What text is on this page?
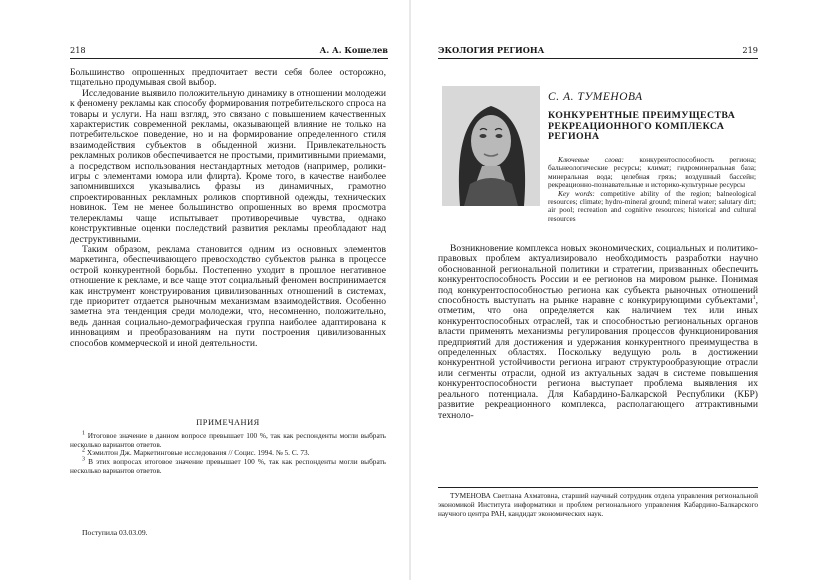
218	А. А. Кошелев

Большинство опрошенных предпочитает вести себя более осторожно, тщательно продумывая свой выбор.

Исследование выявило положительную динамику в отношении молодежи к феномену рекламы как способу формирования потребительского спроса на товары и услуги. На наш взгляд, это связано с повышением качественных характеристик современной рекламы, оказывающей влияние не только на потребительское поведение, но и на формирование определенного стиля взаимодействия субъектов в обыденной жизни. Привлекательность рекламных роликов обеспечивается не простыми, примитивными приемами, а посредством использования нестандартных методов (например, ролики-игры с элементами юмора или флирта). Кроме того, в качестве наиболее запомнившихся указывались фразы из динамичных, грамотно спроектированных рекламных роликов спортивной одежды, технических новинок. Тем не менее большинство опрошенных во время просмотра телерекламы чаще испытывает противоречивые чувства, однако конструктивные оценки последствий развития рекламы преобладают над деструктивными.

Таким образом, реклама становится одним из основных элементов маркетинга, обеспечивающего превосходство субъектов рынка в процессе острой конкурентной борьбы. Постепенно уходит в прошлое негативное отношение к рекламе, и все чаще этот социальный феномен воспринимается как инструмент конструирования цивилизованных отношений в системах, где приоритет отдается рыночным механизмам взаимодействия. Особенно заметна эта тенденция среди молодежи, что, несомненно, положительно, ведь данная социально-демографическая группа наиболее адаптирована к инновациям и преобразованиям на пути построения цивилизованных способов коммерческой и иной деятельности.

ПРИМЕЧАНИЯ

$^1$ Итоговое значение в данном вопросе превышает 100 %, так как респонденты могли выбрать несколько вариантов ответов.

$^2$ Хэмилтон Дж. Маркетинговые исследования // Социс. 1994. № 5. С. 73.

$^3$ В этих вопросах итоговое значение превышает 100 %, так как респонденты могли выбрать несколько вариантов ответов.

Поступила 03.03.09.
ЭКОЛОГИЯ РЕГИОНА	219
С. А. ТУМЕНОВА
КОНКУРЕНТНЫЕ ПРЕИМУЩЕСТВА РЕКРЕАЦИОННОГО КОМПЛЕКСА РЕГИОНА

Ключевые слова: конкурентоспособность региона; бальнеологические ресурсы; климат; гидроминеральная база; минеральная вода; целебная грязь; воздушный бассейн; рекреационно-познавательные и историко-культурные ресурсы

Key words: competitive ability of the region; balneological resources; climate; hydro-mineral ground; mineral water; salutary dirt; air pool; recreation and cognitive resources; historical and cultural resources

Возникновение комплекса новых экономических, социальных и политико-правовых проблем актуализировало необходимость разработки научно обоснованной региональной политики и стратегии, призванных обеспечить конкурентоспособность России и ее регионов на мировом рынке. Понимая под конкурентоспособностью региона как субъекта рыночных отношений способность выступать на рынке наравне с конкурирующими субъектами$^1$, отметим, что она определяется как наличием тех или иных конкурентоспособных отраслей, так и способностью региональных органов власти применять механизмы регулирования процессов функционирования предприятий для достижения и удержания конкурентного преимущества в определенных областях. Поскольку ведущую роль в достижении конкурентной устойчивости региона играют структурообразующие отрасли или сегменты отрасли, одной из актуальных задач в системе повышения конкурентоспособности региона выступает проблема выявления их реального потенциала. Для Кабардино-Балкарской Республики (КБР) развитие рекреационного комплекса, располагающего аттрактивными техноло-

ТУМЕНОВА Светлана Ахматовна, старший научный сотрудник отдела управления региональной экономикой Института информатики и проблем регионального управления Кабардино-Балкарского научного центра РАН, кандидат экономических наук.
